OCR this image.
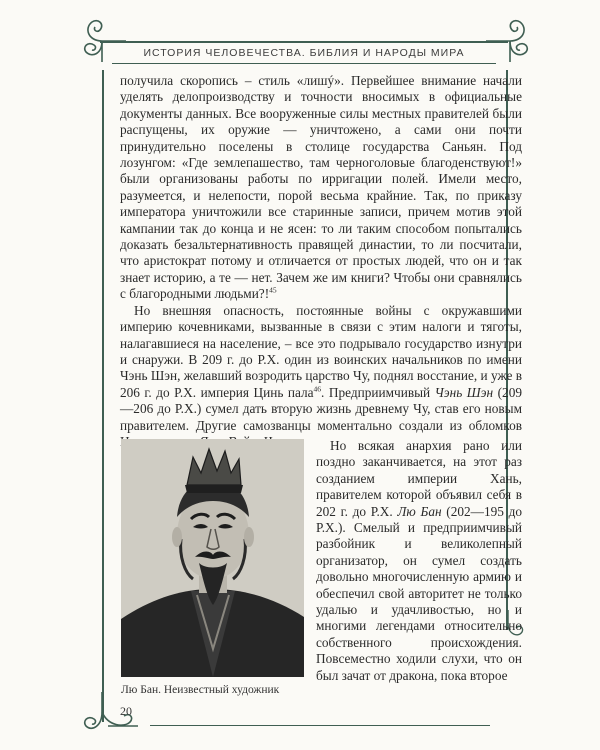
ИСТОРИЯ ЧЕЛОВЕЧЕСТВА. БИБЛИЯ И НАРОДЫ МИРА

получила скоропись – стиль «лишý». Первейшее внимание начали уделять делопроизводству и точности вносимых в официальные документы данных. Все вооруженные силы местных правителей были распущены, их оружие — уничтожено, а сами они почти принудительно поселены в столице государства Саньян. Под лозунгом: «Где землепашество, там черноголовые благоденствуют!» были организованы работы по ирригации полей. Имели место, разумеется, и нелепости, порой весьма крайние. Так, по приказу императора уничтожили все старинные записи, причем мотив этой кампании так до конца и не ясен: то ли таким способом попытались доказать безальтернативность правящей династии, то ли посчитали, что аристократ потому и отличается от простых людей, что он и так знает историю, а те — нет. Зачем же им книги? Чтобы они сравнялись с благородными людьми?!$^{45}$

Но внешняя опасность, постоянные войны с окружавшими империю кочевниками, вызванные в связи с этим налоги и тяготы, налагавшиеся на население, – все это подрывало государство изнутри и снаружи. В 209 г. до Р.Х. один из воинских начальников по имени Чэнь Шэн, желавший возродить царство Чу, поднял восстание, и уже в 206 г. до Р.Х. империя Цинь пала$^{46}$. Предприимчивый Чэнь Шэн (209—206 до Р.Х.) сумел дать вторую жизнь древнему Чу, став его новым правителем. Другие самозванцы моментально создали из обломков

Лю Бан. Неизвестный художник

Но всякая анархия рано или поздно заканчивается, на этот раз созданием империи Хань, правителем которой объявил себя в 202 г. до Р.Х. Лю Бан (202—195 до Р.Х.). Смелый и предприимчивый разбойник и великолепный организатор, он сумел создать довольно многочисленную армию и обеспечил свой авторитет не только удалью и удачливостью, но и многими легендами относительно собственного происхождения. Повсеместно ходили слухи, что он был зачат от дракона, пока второе

20
